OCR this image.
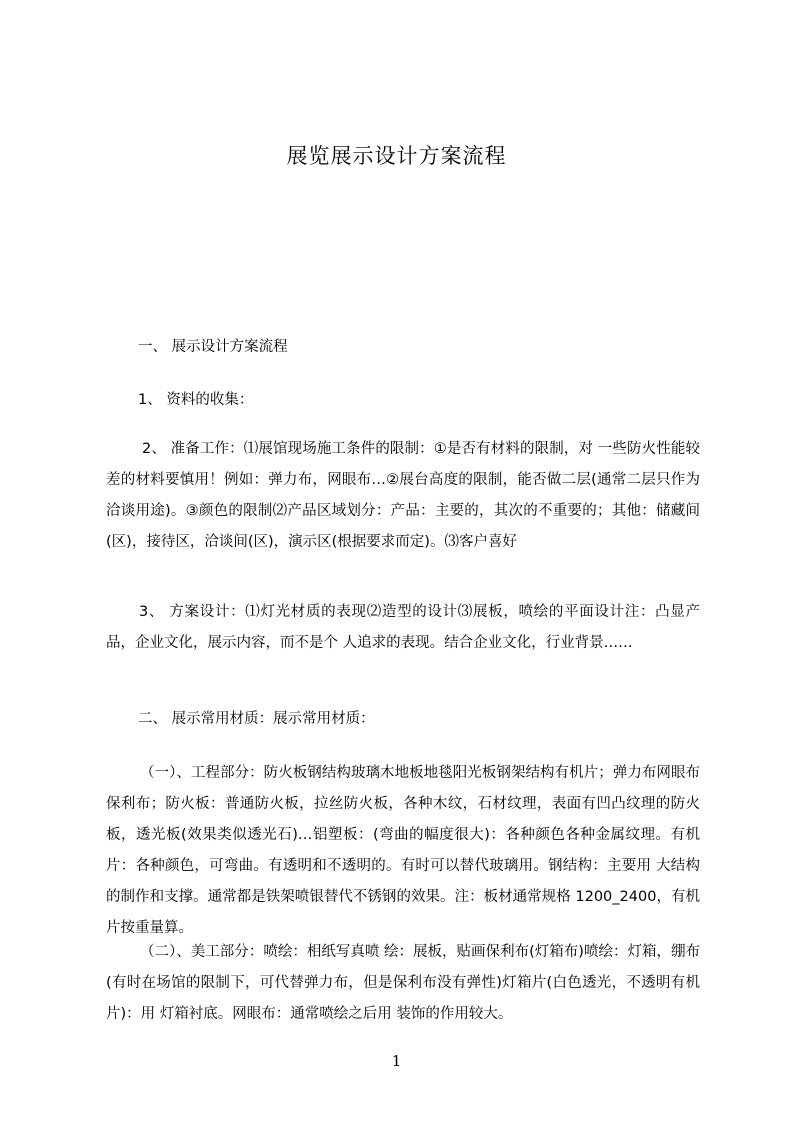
展览展示设计方案流程
一、 展示设计方案流程
1、 资料的收集：
2、 准备工作：⑴展馆现场施工条件的限制：①是否有材料的限制，对 一些防火性能较差的材料要慎用！例如：弹力布，网眼布…②展台高度的限制，能否做二层(通常二层只作为洽谈用途)。③颜色的限制⑵产品区域划分：产品：主要的，其次的不重要的；其他：储藏间(区)，接待区，洽谈间(区)，演示区(根据要求而定)。⑶客户喜好
3、 方案设计：⑴灯光材质的表现⑵造型的设计⑶展板，喷绘的平面设计注：凸显产品，企业文化，展示内容，而不是个 人追求的表现。结合企业文化，行业背景……
二、 展示常用材质：展示常用材质：
（一）、工程部分：防火板钢结构玻璃木地板地毯阳光板钢架结构有机片；弹力布网眼布保利布；防火板：普通防火板，拉丝防火板，各种木纹，石材纹理，表面有凹凸纹理的防火板，透光板(效果类似透光石)…铝塑板：(弯曲的幅度很大)：各种颜色各种金属纹理。有机片：各种颜色，可弯曲。有透明和不透明的。有时可以替代玻璃用。钢结构：主要用 大结构的制作和支撑。通常都是铁架喷银替代不锈钢的效果。注：板材通常规格 1200_2400，有机片按重量算。
（二）、美工部分：喷绘：相纸写真喷 绘：展板，贴画保利布(灯箱布)喷绘：灯箱，绷布(有时在场馆的限制下，可代替弹力布，但是保利布没有弹性)灯箱片(白色透光，不透明有机片)：用 灯箱衬底。网眼布：通常喷绘之后用 装饰的作用较大。
1
